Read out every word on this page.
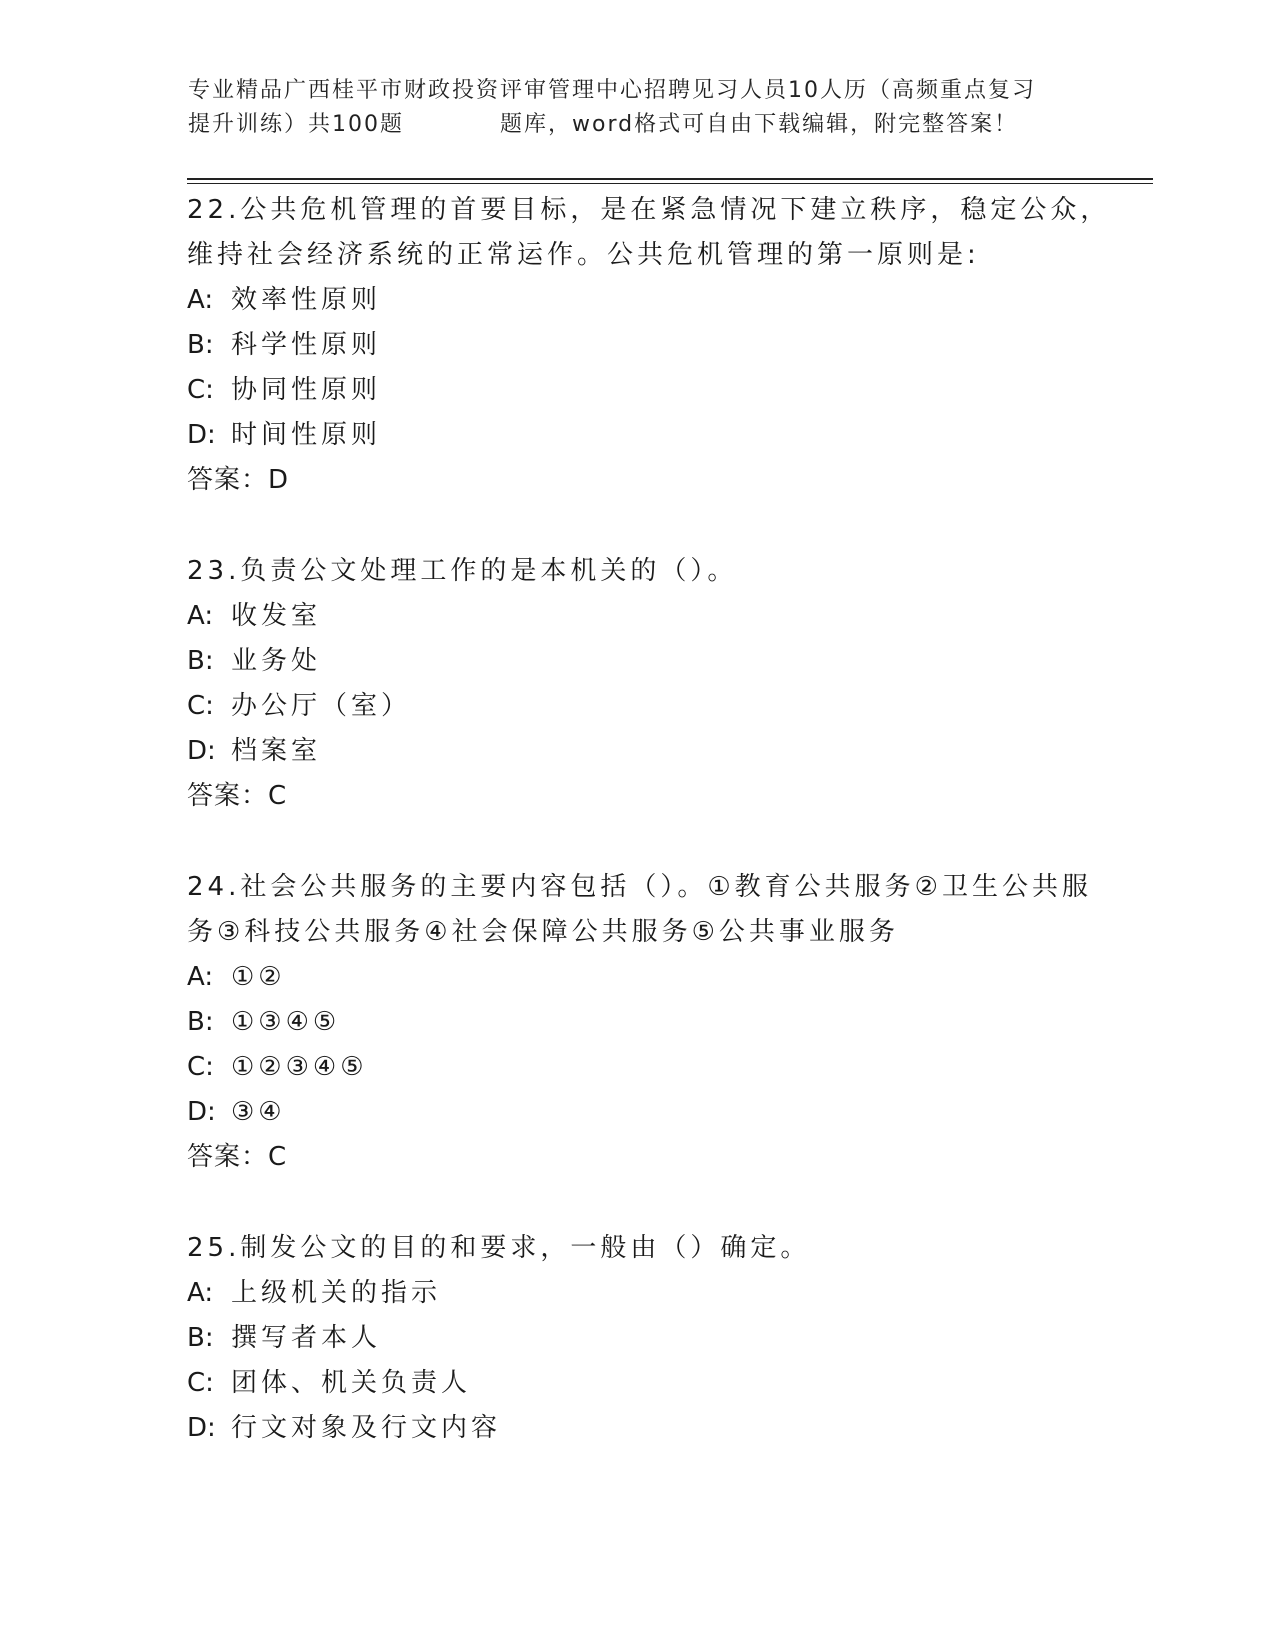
专业精品广西桂平市财政投资评审管理中心招聘见习人员10人历（高频重点复习
提升训练）共100题	题库，word格式可自由下载编辑，附完整答案！
22.公共危机管理的首要目标，是在紧急情况下建立秩序，稳定公众，
维持社会经济系统的正常运作。公共危机管理的第一原则是:
A: 效率性原则
B: 科学性原则
C: 协同性原则
D: 时间性原则
答案：D
23.负责公文处理工作的是本机关的（）。
A: 收发室
B: 业务处
C: 办公厅（室）
D: 档案室
答案：C
24.社会公共服务的主要内容包括（）。①教育公共服务②卫生公共服
务③科技公共服务④社会保障公共服务⑤公共事业服务
A: ①②
B: ①③④⑤
C: ①②③④⑤
D: ③④
答案：C
25.制发公文的目的和要求，一般由（）确定。
A: 上级机关的指示
B: 撰写者本人
C: 团体、机关负责人
D: 行文对象及行文内容
